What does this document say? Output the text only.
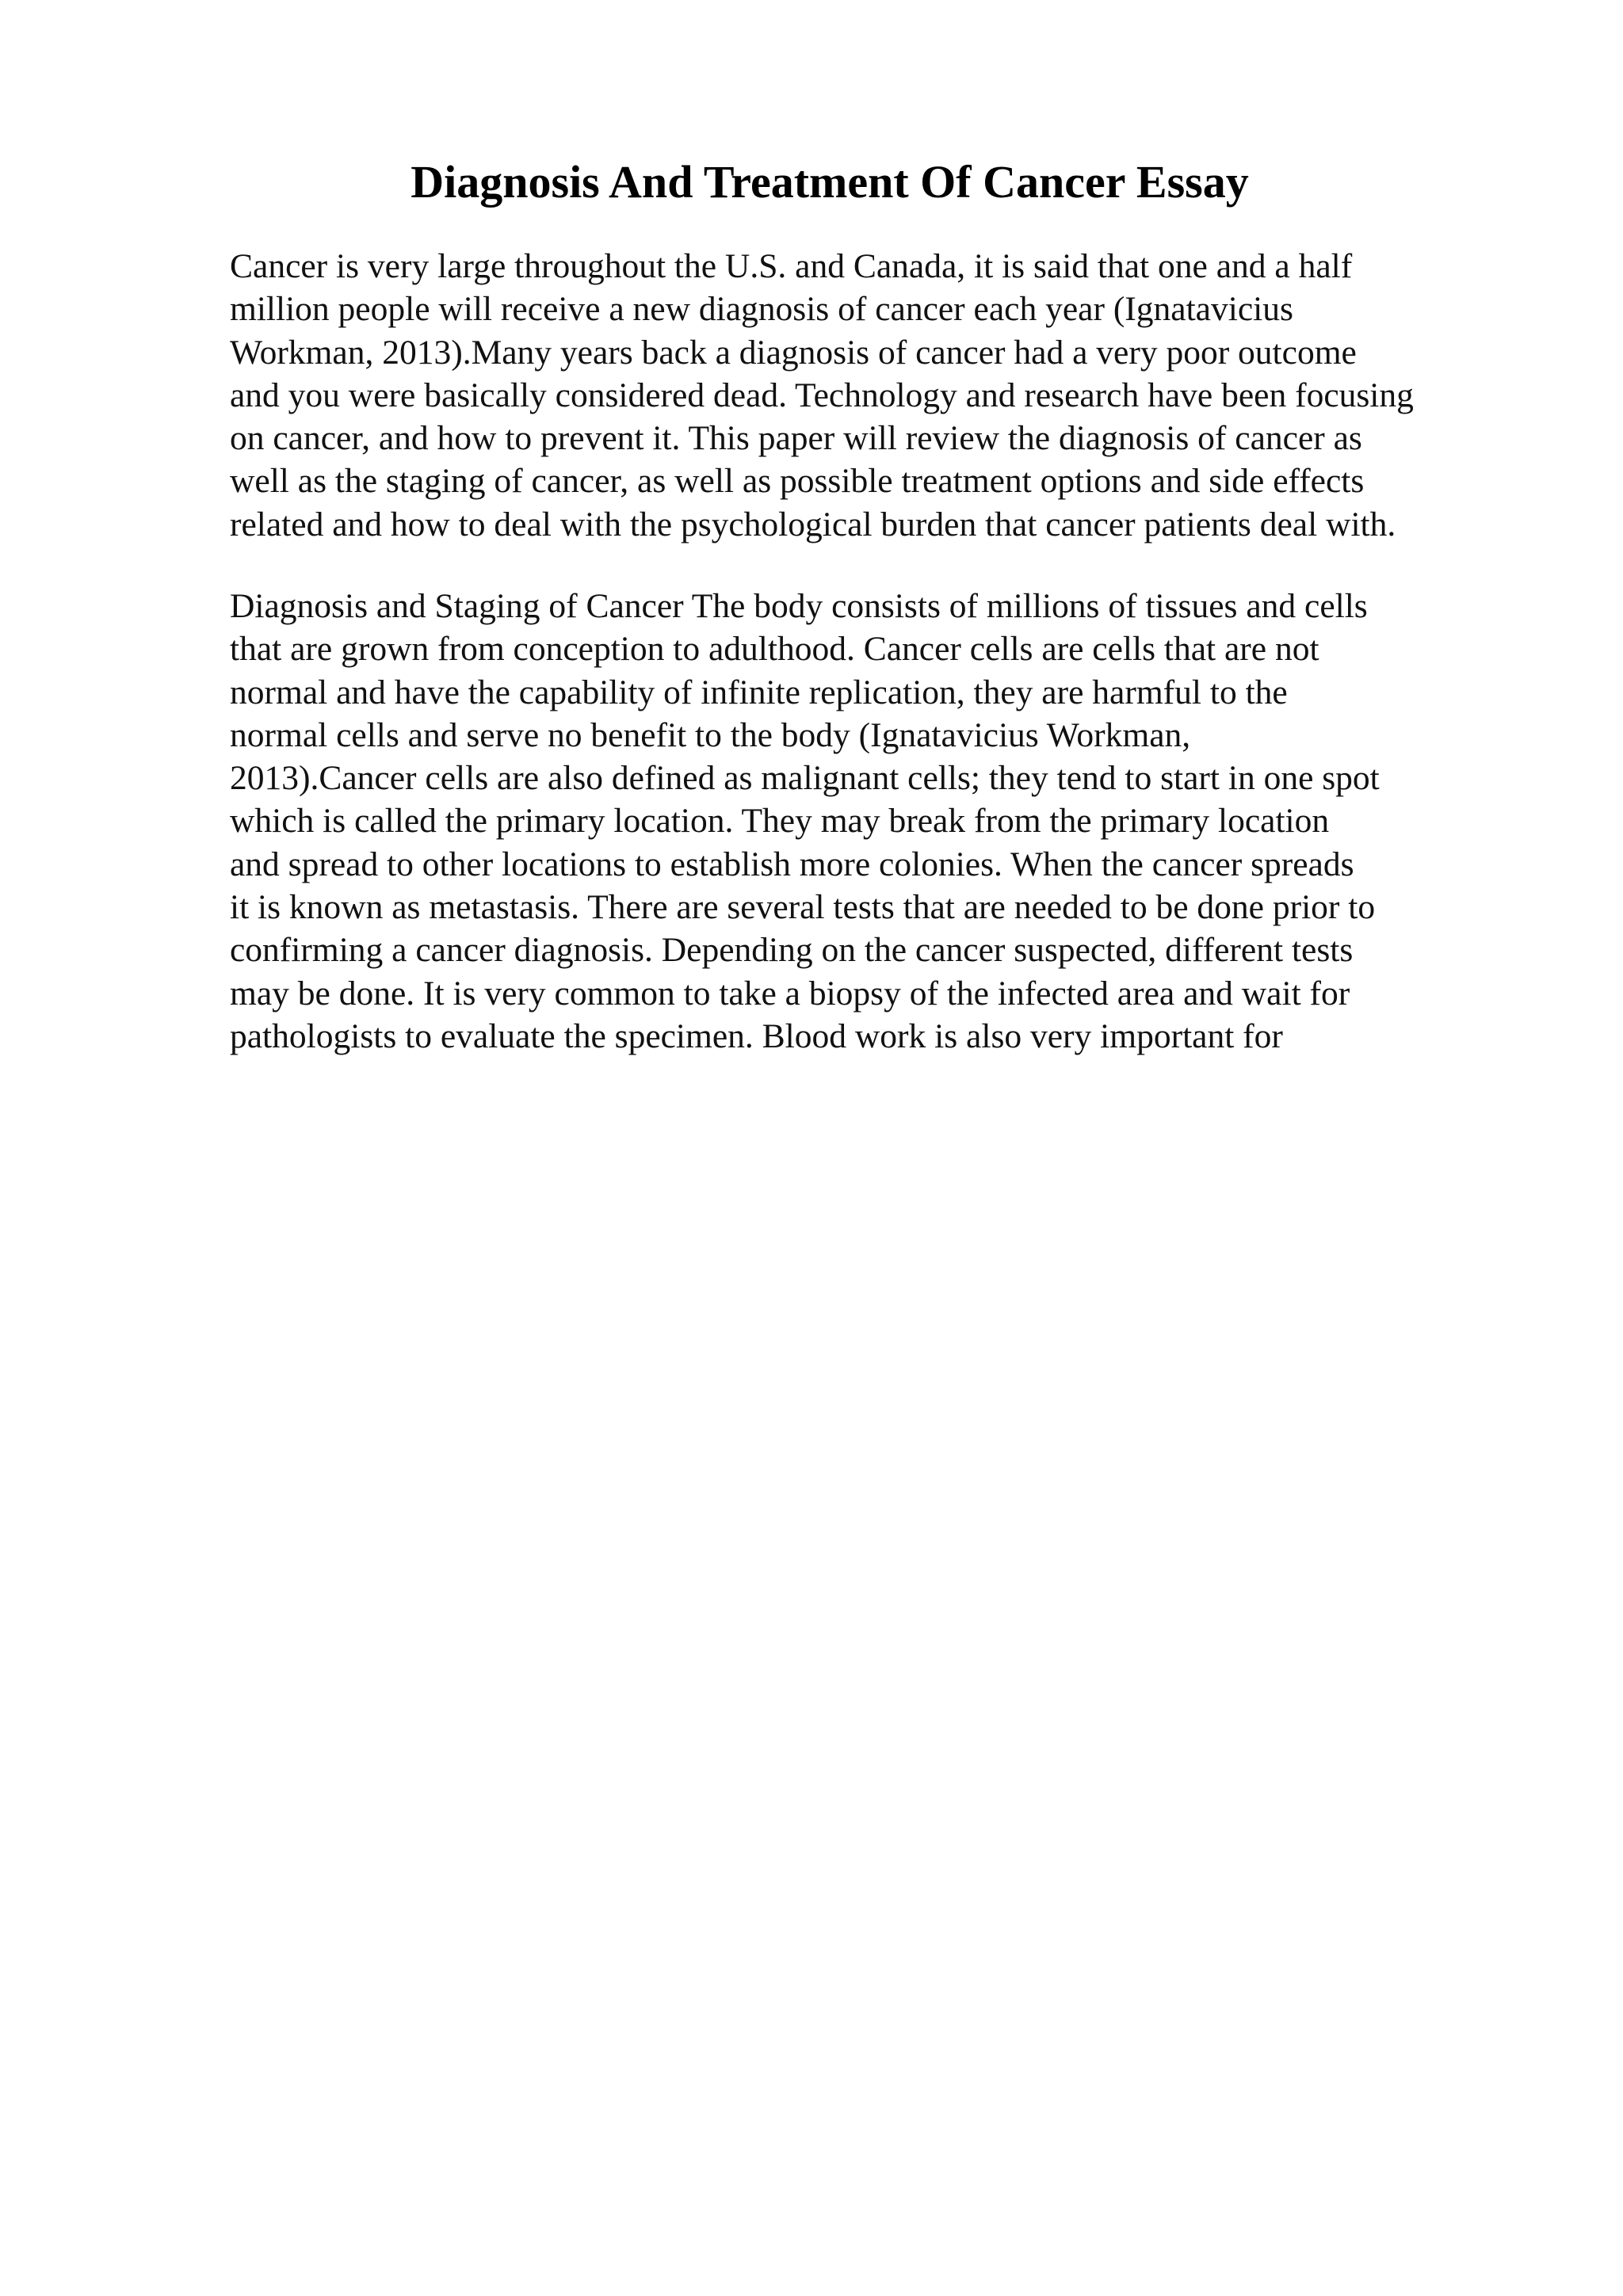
Diagnosis And Treatment Of Cancer Essay

Cancer is very large throughout the U.S. and Canada, it is said that one and a half
million people will receive a new diagnosis of cancer each year (Ignatavicius
Workman, 2013).Many years back a diagnosis of cancer had a very poor outcome
and you were basically considered dead. Technology and research have been focusing
on cancer, and how to prevent it. This paper will review the diagnosis of cancer as
well as the staging of cancer, as well as possible treatment options and side effects
related and how to deal with the psychological burden that cancer patients deal with.

Diagnosis and Staging of Cancer The body consists of millions of tissues and cells
that are grown from conception to adulthood. Cancer cells are cells that are not
normal and have the capability of infinite replication, they are harmful to the
normal cells and serve no benefit to the body (Ignatavicius Workman,
2013).Cancer cells are also defined as malignant cells; they tend to start in one spot
which is called the primary location. They may break from the primary location
and spread to other locations to establish more colonies. When the cancer spreads
it is known as metastasis. There are several tests that are needed to be done prior to
confirming a cancer diagnosis. Depending on the cancer suspected, different tests
may be done. It is very common to take a biopsy of the infected area and wait for
pathologists to evaluate the specimen. Blood work is also very important for
